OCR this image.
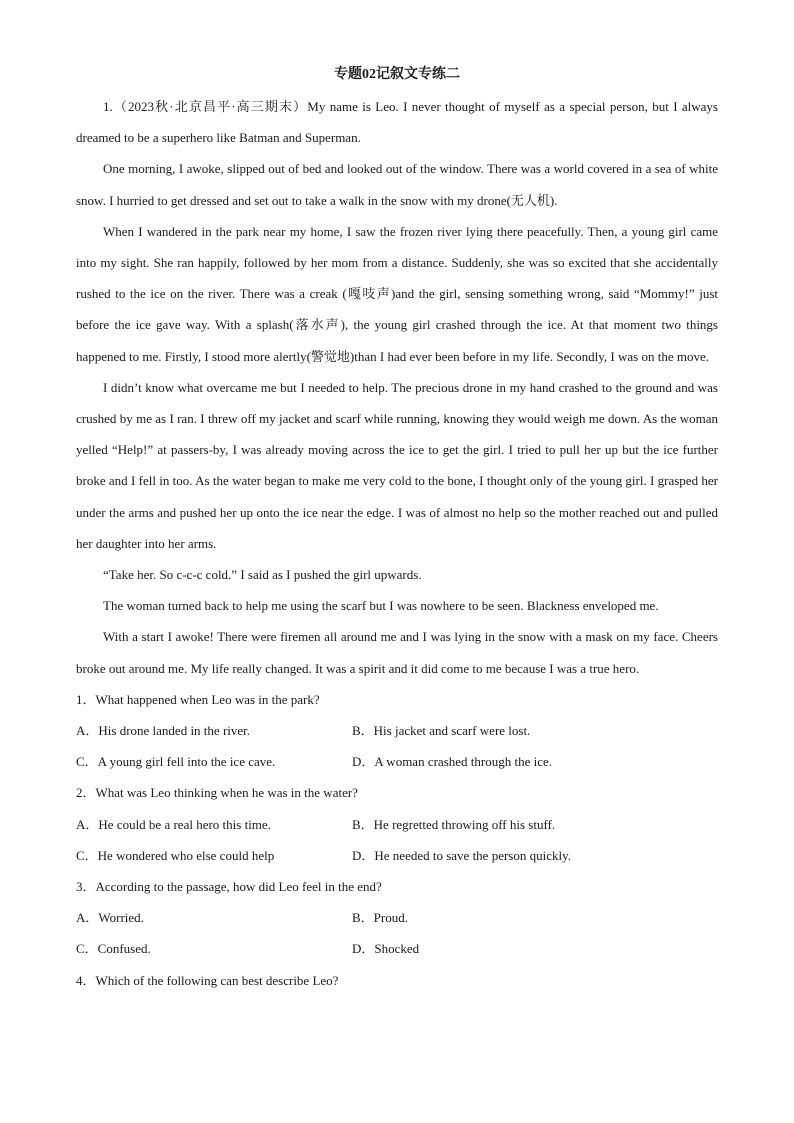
专题02记叙文专练二

1.（2023秋·北京昌平·高三期末）My name is Leo. I never thought of myself as a special person, but I always dreamed to be a superhero like Batman and Superman.

One morning, I awoke, slipped out of bed and looked out of the window. There was a world covered in a sea of white snow. I hurried to get dressed and set out to take a walk in the snow with my drone(无人机).

When I wandered in the park near my home, I saw the frozen river lying there peacefully. Then, a young girl came into my sight. She ran happily, followed by her mom from a distance. Suddenly, she was so excited that she accidentally rushed to the ice on the river. There was a creak (嘎吱声)and the girl, sensing something wrong, said “Mommy!” just before the ice gave way. With a splash(落水声), the young girl crashed through the ice. At that moment two things happened to me. Firstly, I stood more alertly(警觉地)than I had ever been before in my life. Secondly, I was on the move.

I didn’t know what overcame me but I needed to help. The precious drone in my hand crashed to the ground and was crushed by me as I ran. I threw off my jacket and scarf while running, knowing they would weigh me down. As the woman yelled “Help!” at passers-by, I was already moving across the ice to get the girl. I tried to pull her up but the ice further broke and I fell in too. As the water began to make me very cold to the bone, I thought only of the young girl. I grasped her under the arms and pushed her up onto the ice near the edge. I was of almost no help so the mother reached out and pulled her daughter into her arms.

“Take her. So c-c-c cold.” I said as I pushed the girl upwards.

The woman turned back to help me using the scarf but I was nowhere to be seen. Blackness enveloped me.

With a start I awoke! There were firemen all around me and I was lying in the snow with a mask on my face. Cheers broke out around me. My life really changed. It was a spirit and it did come to me because I was a true hero.

1．What happened when Leo was in the park?

A．His drone landed in the river.	B．His jacket and scarf were lost.
C．A young girl fell into the ice cave.	D．A woman crashed through the ice.

2．What was Leo thinking when he was in the water?

A．He could be a real hero this time.	B．He regretted throwing off his stuff.
C．He wondered who else could help	D．He needed to save the person quickly.

3．According to the passage, how did Leo feel in the end?

A．Worried.	B．Proud.
C．Confused.	D．Shocked

4．Which of the following can best describe Leo?
